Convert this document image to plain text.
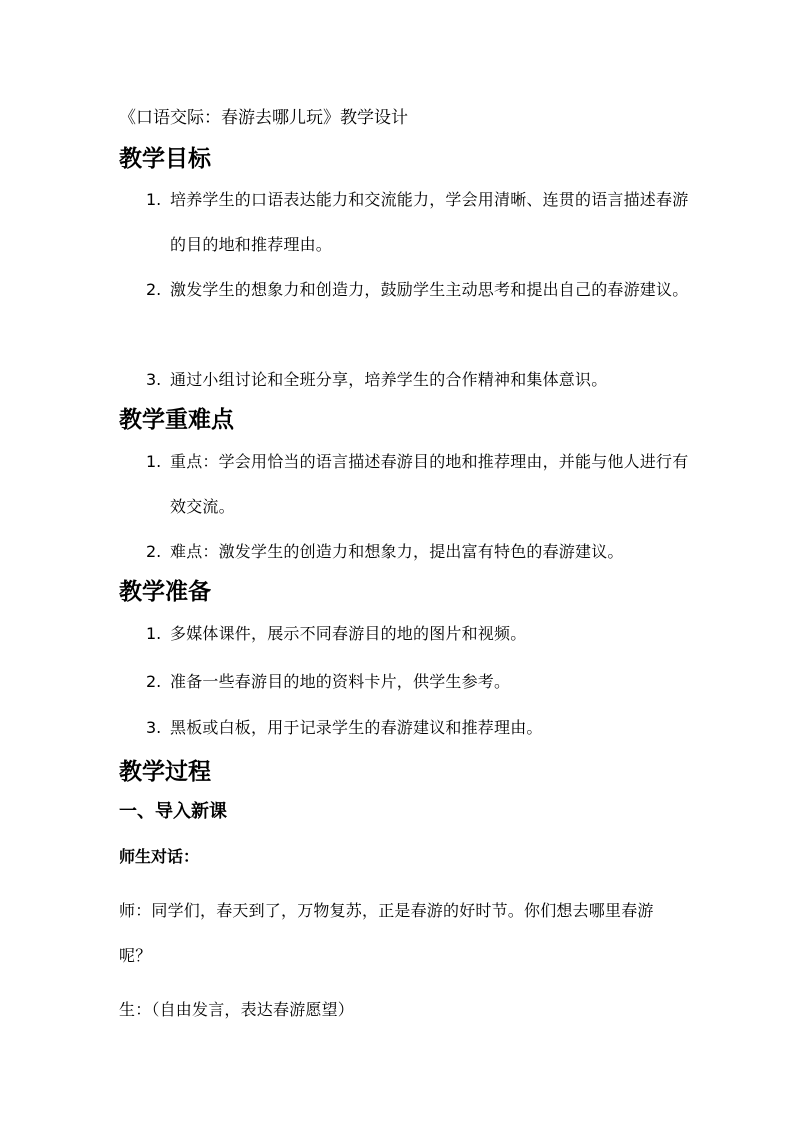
《口语交际：春游去哪儿玩》教学设计
教学目标
1. 培养学生的口语表达能力和交流能力，学会用清晰、连贯的语言描述春游的目的地和推荐理由。
2. 激发学生的想象力和创造力，鼓励学生主动思考和提出自己的春游建议。
3. 通过小组讨论和全班分享，培养学生的合作精神和集体意识。
教学重难点
1. 重点：学会用恰当的语言描述春游目的地和推荐理由，并能与他人进行有效交流。
2. 难点：激发学生的创造力和想象力，提出富有特色的春游建议。
教学准备
1. 多媒体课件，展示不同春游目的地的图片和视频。
2. 准备一些春游目的地的资料卡片，供学生参考。
3. 黑板或白板，用于记录学生的春游建议和推荐理由。
教学过程
一、导入新课
师生对话：
师：同学们，春天到了，万物复苏，正是春游的好时节。你们想去哪里春游呢？
生：（自由发言，表达春游愿望）
